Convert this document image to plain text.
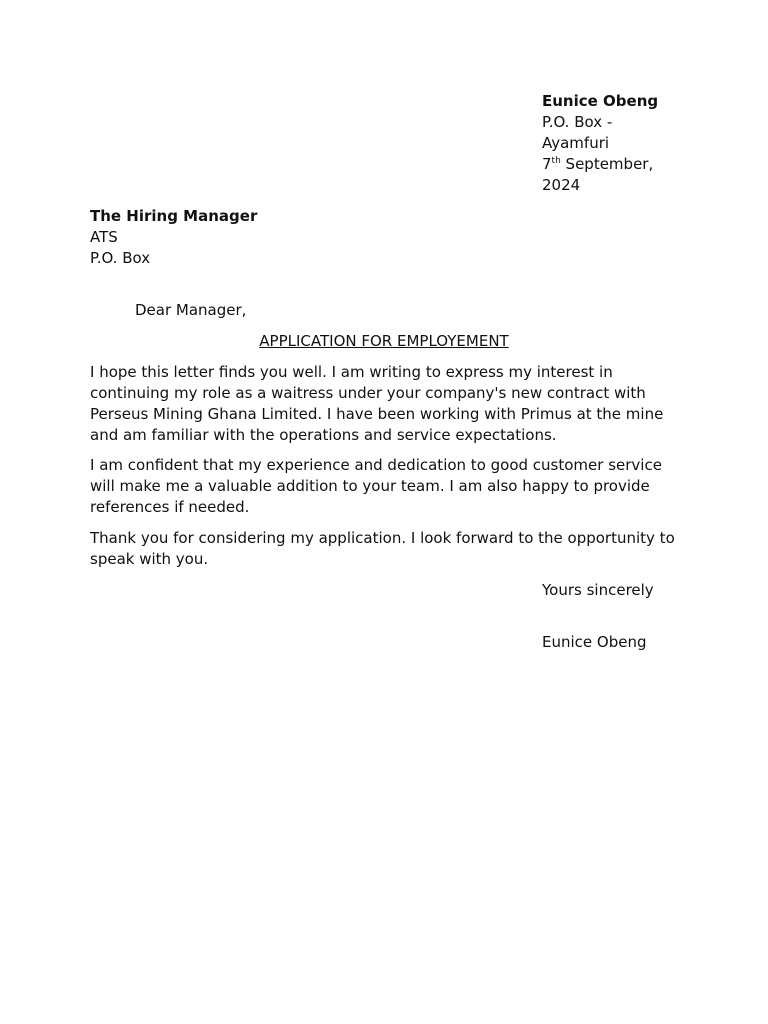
Eunice Obeng
P.O. Box -
Ayamfuri
7th September,
2024
The Hiring Manager
ATS
P.O. Box
Dear Manager,
APPLICATION FOR EMPLOYEMENT
I hope this letter finds you well. I am writing to express my interest in
continuing my role as a waitress under your company's new contract with
Perseus Mining Ghana Limited. I have been working with Primus at the mine
and am familiar with the operations and service expectations.
I am confident that my experience and dedication to good customer service
will make me a valuable addition to your team. I am also happy to provide
references if needed.
Thank you for considering my application. I look forward to the opportunity to
speak with you.
Yours sincerely
Eunice Obeng
